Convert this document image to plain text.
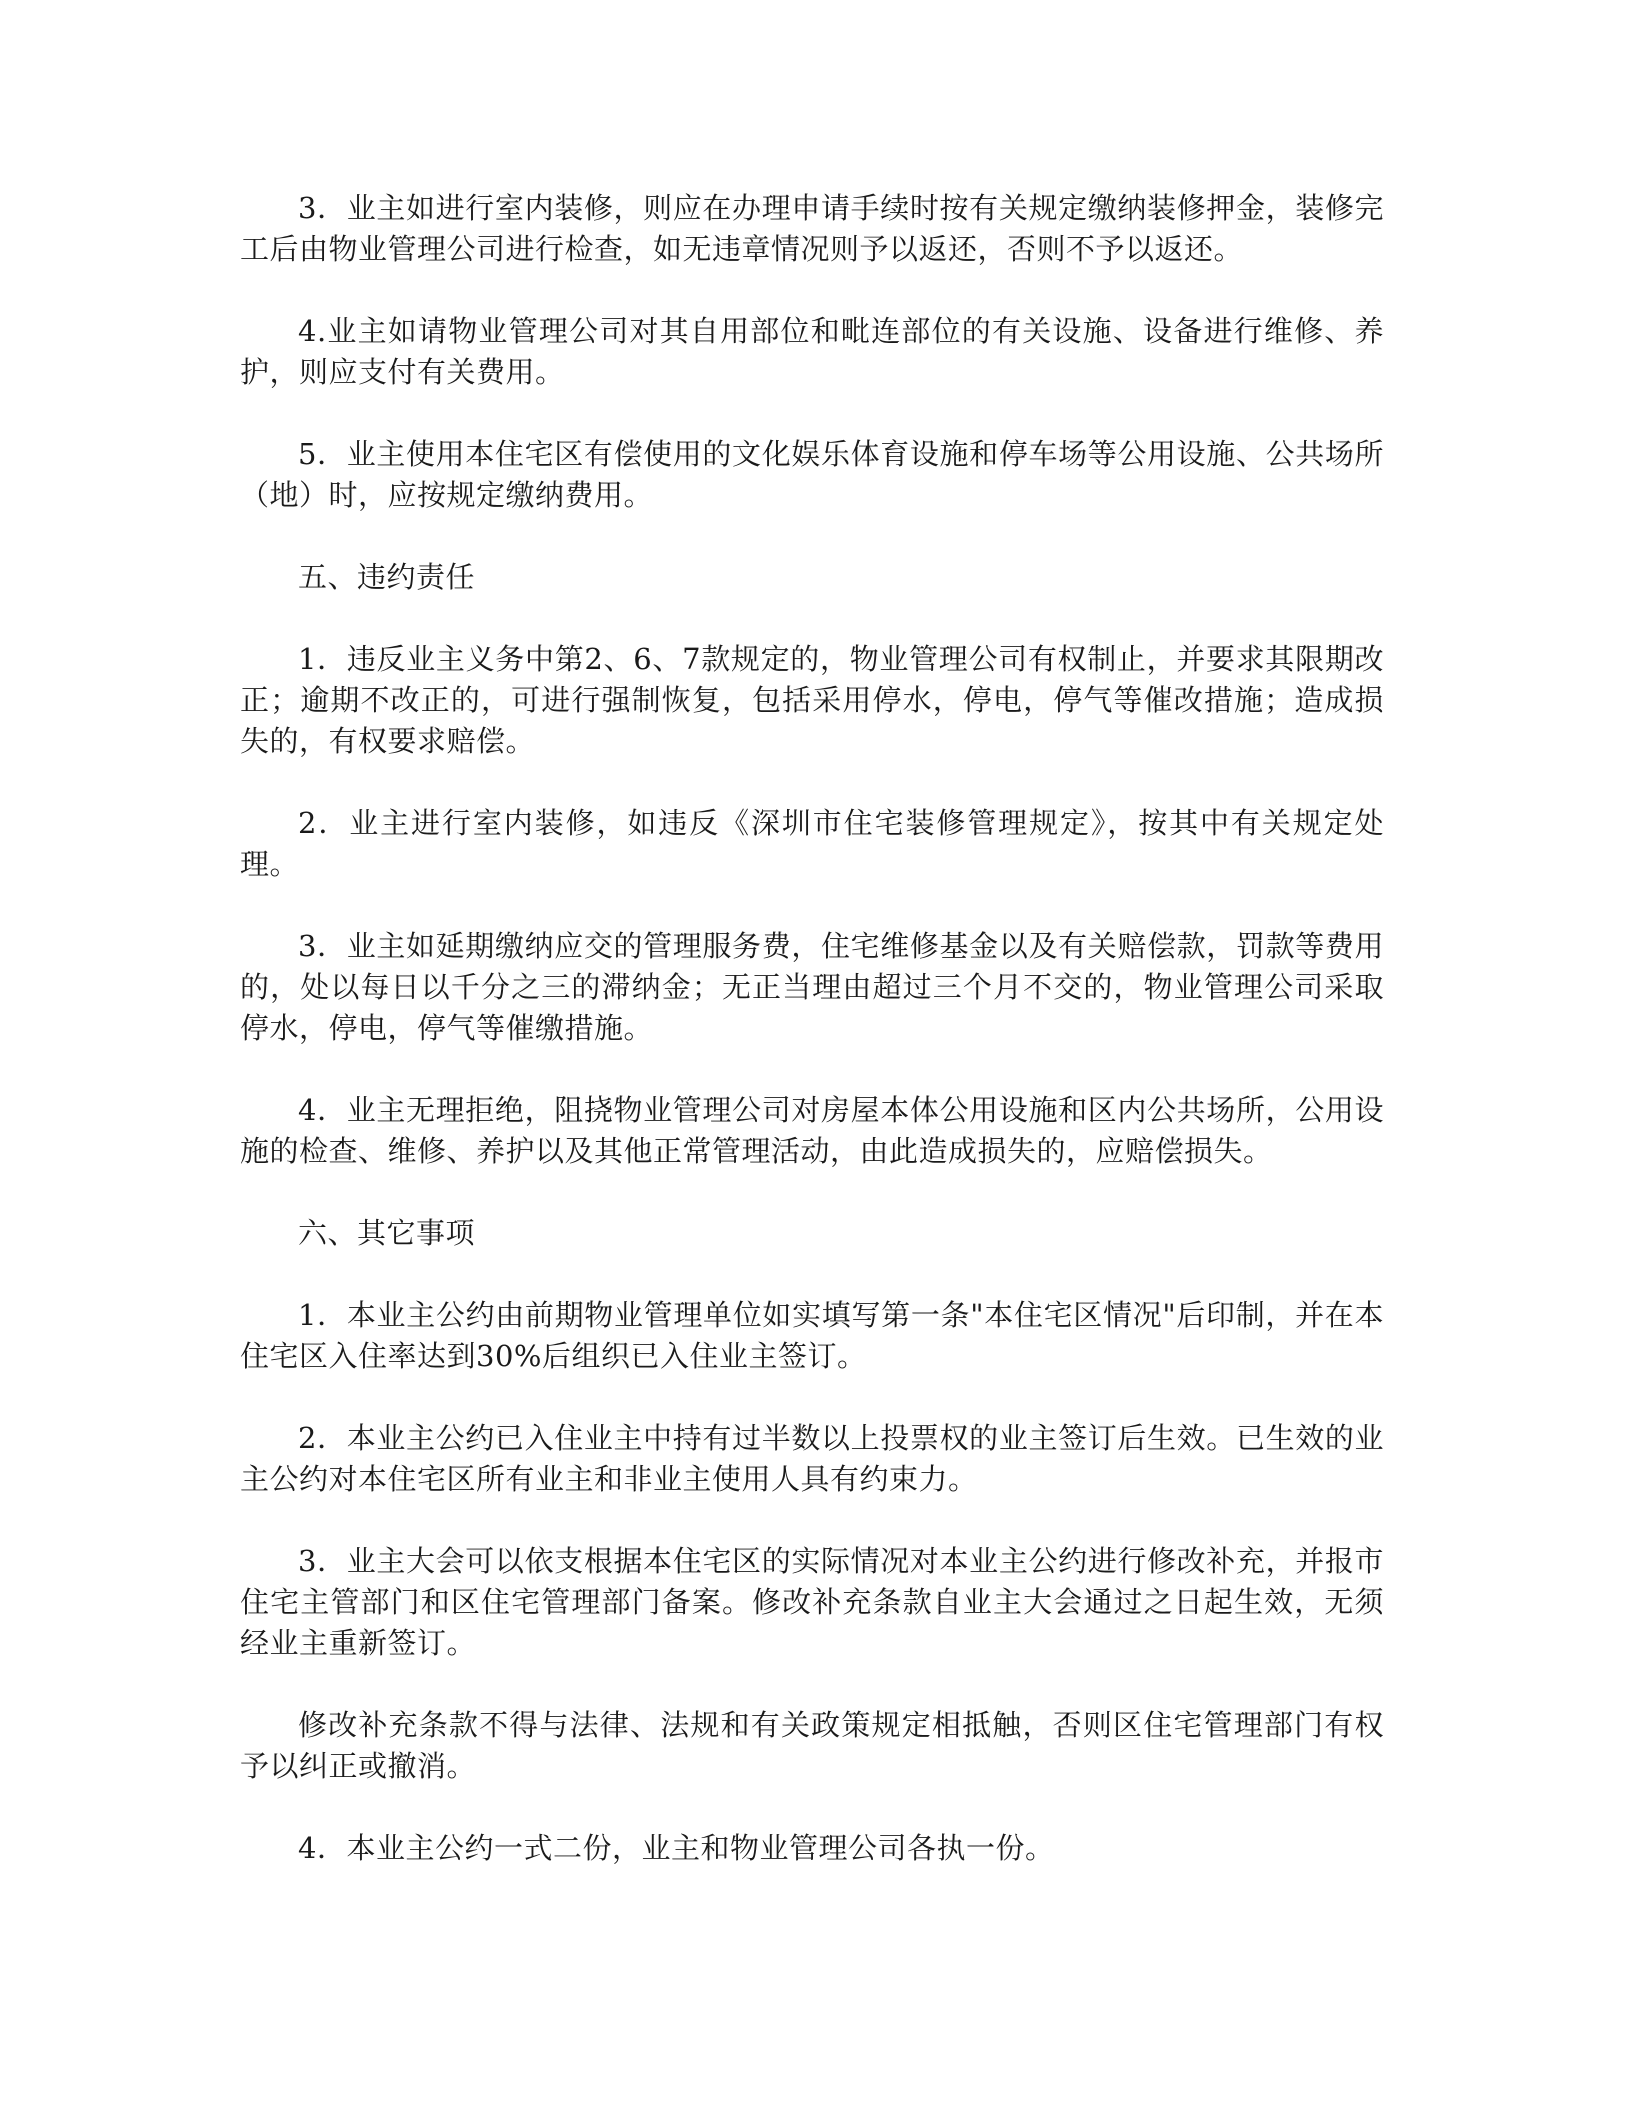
3．业主如进行室内装修，则应在办理申请手续时按有关规定缴纳装修押金，装修完工后由物业管理公司进行检查，如无违章情况则予以返还，否则不予以返还。

4.业主如请物业管理公司对其自用部位和毗连部位的有关设施、设备进行维修、养护，则应支付有关费用。

5．业主使用本住宅区有偿使用的文化娱乐体育设施和停车场等公用设施、公共场所（地）时，应按规定缴纳费用。

五、违约责任

1．违反业主义务中第2、6、7款规定的，物业管理公司有权制止，并要求其限期改正；逾期不改正的，可进行强制恢复，包括采用停水，停电，停气等催改措施；造成损失的，有权要求赔偿。

2．业主进行室内装修，如违反《深圳市住宅装修管理规定》，按其中有关规定处理。

3．业主如延期缴纳应交的管理服务费，住宅维修基金以及有关赔偿款，罚款等费用的，处以每日以千分之三的滞纳金；无正当理由超过三个月不交的，物业管理公司采取停水，停电，停气等催缴措施。

4．业主无理拒绝，阻挠物业管理公司对房屋本体公用设施和区内公共场所，公用设施的检查、维修、养护以及其他正常管理活动，由此造成损失的，应赔偿损失。

六、其它事项

1．本业主公约由前期物业管理单位如实填写第一条"本住宅区情况"后印制，并在本住宅区入住率达到30%后组织已入住业主签订。

2．本业主公约已入住业主中持有过半数以上投票权的业主签订后生效。已生效的业主公约对本住宅区所有业主和非业主使用人具有约束力。

3．业主大会可以依支根据本住宅区的实际情况对本业主公约进行修改补充，并报市住宅主管部门和区住宅管理部门备案。修改补充条款自业主大会通过之日起生效，无须经业主重新签订。

修改补充条款不得与法律、法规和有关政策规定相抵触，否则区住宅管理部门有权予以纠正或撤消。

4．本业主公约一式二份，业主和物业管理公司各执一份。
